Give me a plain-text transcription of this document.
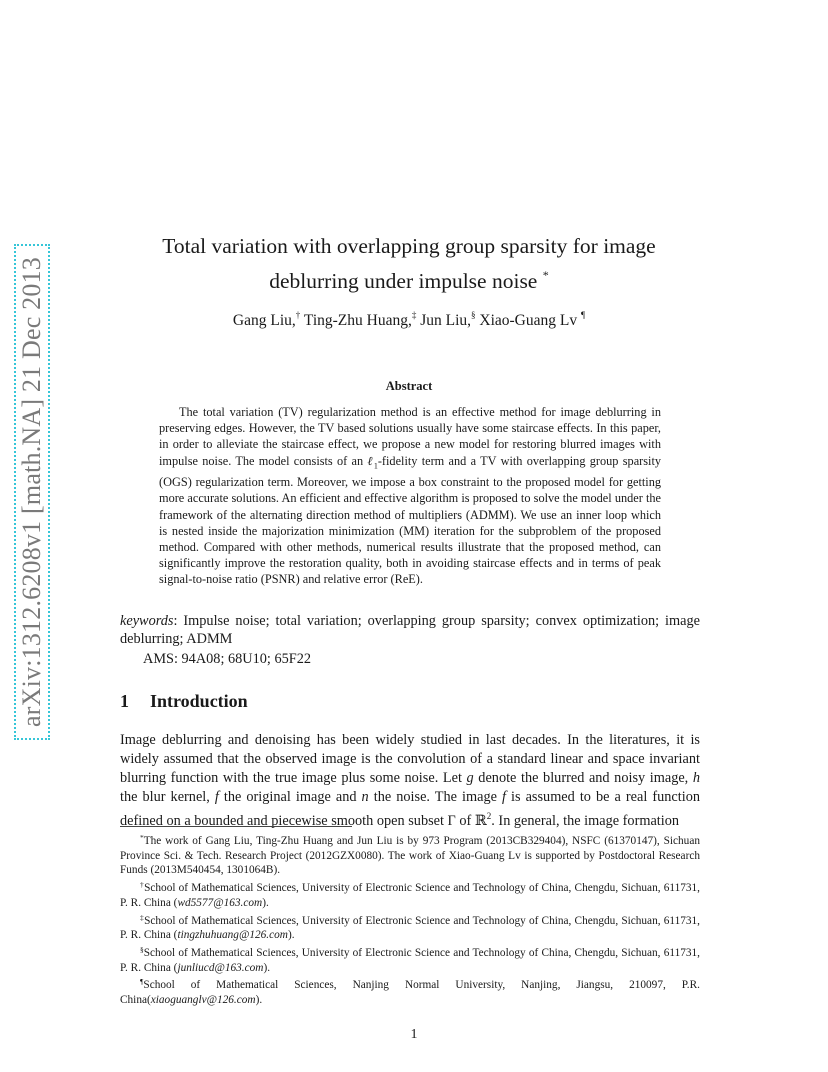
arXiv:1312.6208v1 [math.NA] 21 Dec 2013
Total variation with overlapping group sparsity for image
deblurring under impulse noise *
Gang Liu,† Ting-Zhu Huang,‡ Jun Liu,§ Xiao-Guang Lv ¶
Abstract

The total variation (TV) regularization method is an effective method for image deblurring in preserving edges. However, the TV based solutions usually have some staircase effects. In this paper, in order to alleviate the staircase effect, we propose a new model for restoring blurred images with impulse noise. The model consists of an ℓ$_1$-fidelity term and a TV with overlapping group sparsity (OGS) regularization term. Moreover, we impose a box constraint to the proposed model for getting more accurate solutions. An efficient and effective algorithm is proposed to solve the model under the framework of the alternating direction method of multipliers (ADMM). We use an inner loop which is nested inside the majorization minimization (MM) iteration for the subproblem of the proposed method. Compared with other methods, numerical results illustrate that the proposed method, can significantly improve the restoration quality, both in avoiding staircase effects and in terms of peak signal-to-noise ratio (PSNR) and relative error (ReE).

keywords: Impulse noise; total variation; overlapping group sparsity; convex optimization; image deblurring; ADMM

AMS: 94A08; 68U10; 65F22
1 Introduction

Image deblurring and denoising has been widely studied in last decades. In the literatures, it is widely assumed that the observed image is the convolution of a standard linear and space invariant blurring function with the true image plus some noise. Let g denote the blurred and noisy image, h the blur kernel, f the original image and n the noise. The image f is assumed to be a real function defined on a bounded and piecewise smooth open subset Γ of ℝ$^2$. In general, the image formation

*The work of Gang Liu, Ting-Zhu Huang and Jun Liu is by 973 Program (2013CB329404), NSFC (61370147), Sichuan Province Sci. & Tech. Research Project (2012GZX0080). The work of Xiao-Guang Lv is supported by Postdoctoral Research Funds (2013M540454, 1301064B).

†School of Mathematical Sciences, University of Electronic Science and Technology of China, Chengdu, Sichuan, 611731, P. R. China (wd5577@163.com).

‡School of Mathematical Sciences, University of Electronic Science and Technology of China, Chengdu, Sichuan, 611731, P. R. China (tingzhuhuang@126.com).

§School of Mathematical Sciences, University of Electronic Science and Technology of China, Chengdu, Sichuan, 611731, P. R. China (junliucd@163.com).

¶School of Mathematical Sciences, Nanjing Normal University, Nanjing, Jiangsu, 210097, P.R. China(xiaoguanglv@126.com).

1
